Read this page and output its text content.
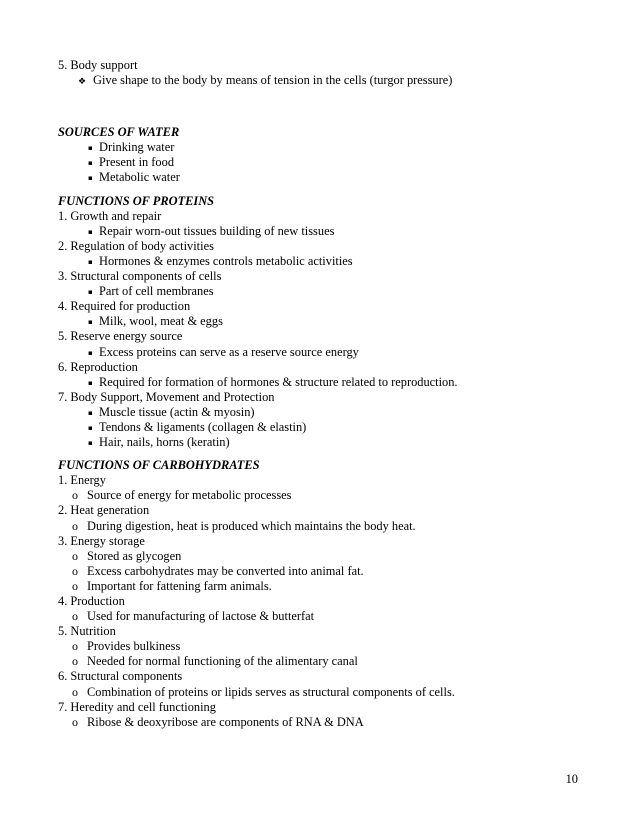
5. Body support
❖ Give shape to the body by means of tension in the cells (turgor pressure)
SOURCES OF WATER
▪ Drinking water
▪ Present in food
▪ Metabolic water
FUNCTIONS OF PROTEINS
1. Growth and repair
▪ Repair worn-out tissues building of new tissues
2. Regulation of body activities
▪ Hormones & enzymes controls metabolic activities
3. Structural components of cells
▪ Part of cell membranes
4. Required for production
▪ Milk, wool, meat & eggs
5. Reserve energy source
▪ Excess proteins can serve as a reserve source energy
6. Reproduction
▪ Required for formation of hormones & structure related to reproduction.
7. Body Support, Movement and Protection
▪ Muscle tissue (actin & myosin)
▪ Tendons & ligaments (collagen & elastin)
▪ Hair, nails, horns (keratin)
FUNCTIONS OF CARBOHYDRATES
1. Energy
o Source of energy for metabolic processes
2. Heat generation
o During digestion, heat is produced which maintains the body heat.
3. Energy storage
o Stored as glycogen
o Excess carbohydrates may be converted into animal fat.
o Important for fattening farm animals.
4. Production
o Used for manufacturing of lactose & butterfat
5. Nutrition
o Provides bulkiness
o Needed for normal functioning of the alimentary canal
6. Structural components
o Combination of proteins or lipids serves as structural components of cells.
7. Heredity and cell functioning
o Ribose & deoxyribose are components of RNA & DNA
10
